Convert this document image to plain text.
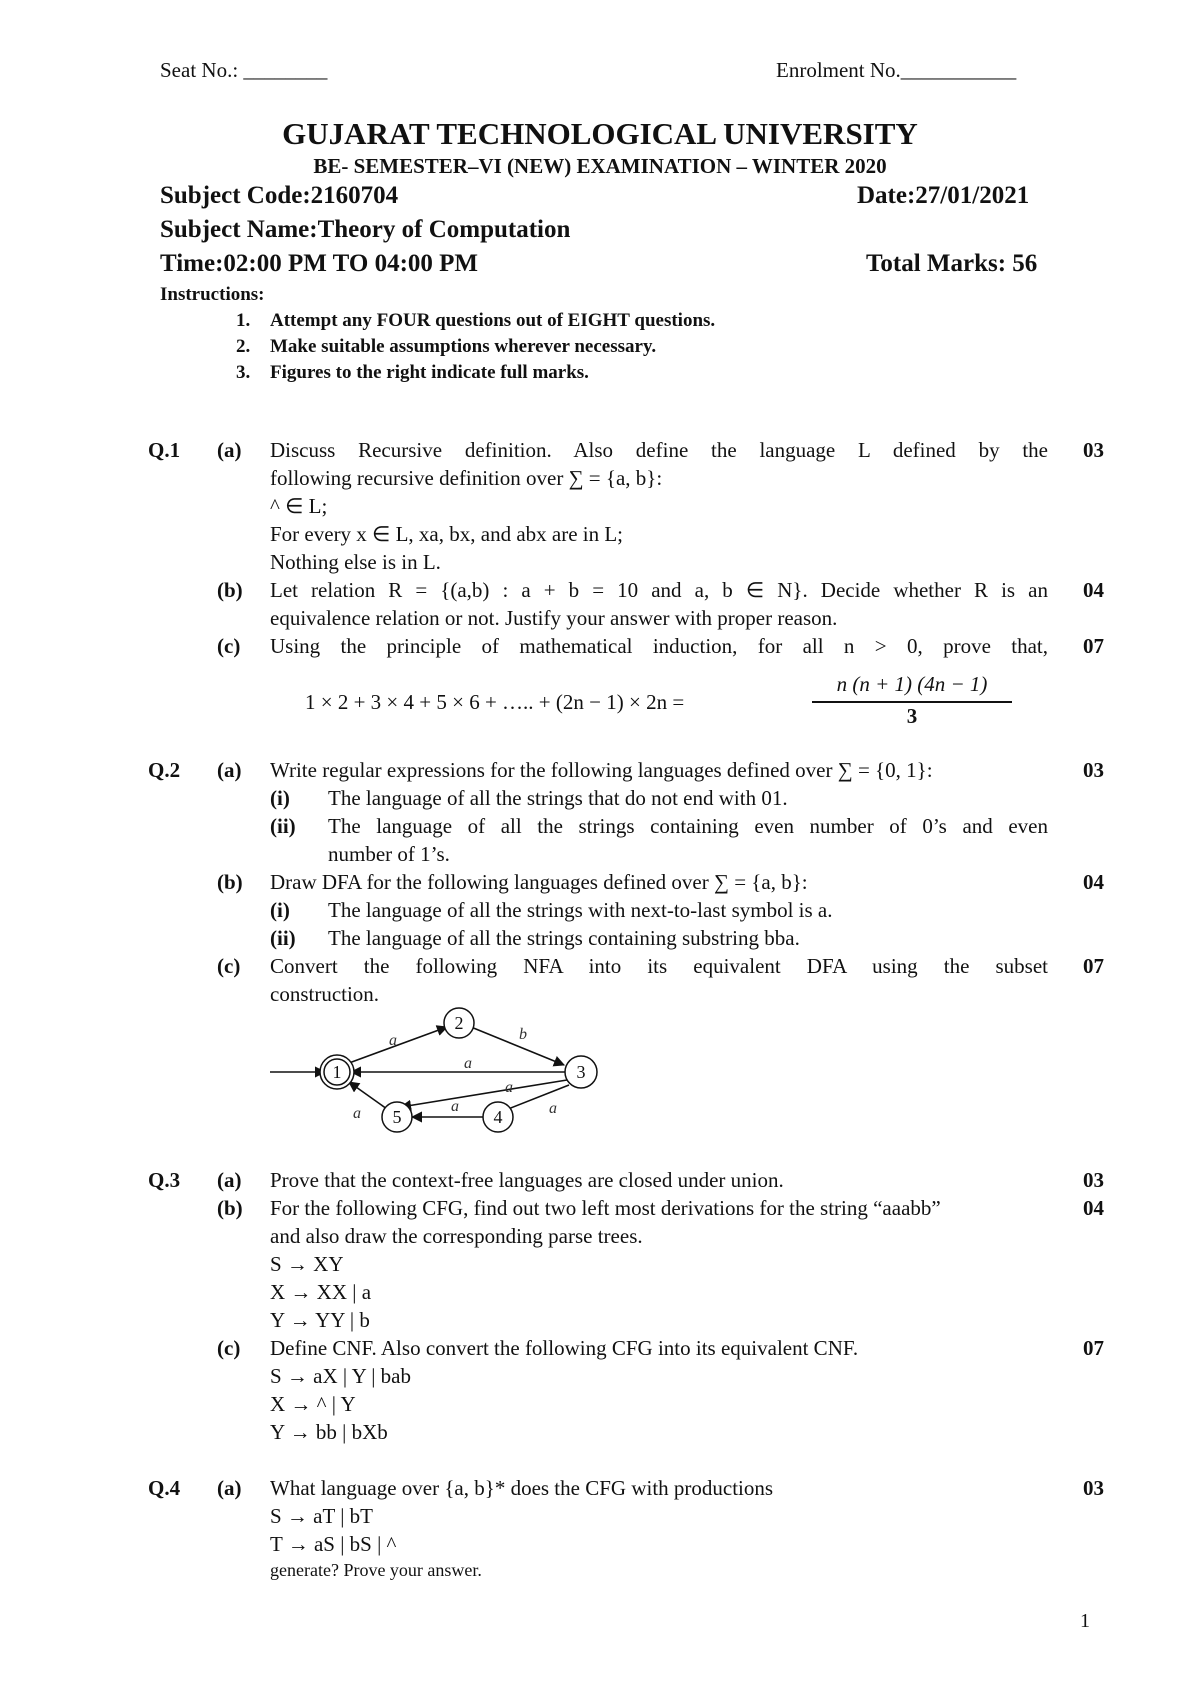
Seat No.: ________	Enrolment No.___________
GUJARAT TECHNOLOGICAL UNIVERSITY
BE- SEMESTER–VI (NEW) EXAMINATION – WINTER 2020
Subject Code:2160704	Date:27/01/2021
Subject Name:Theory of Computation
Time:02:00 PM TO 04:00 PM	Total Marks: 56
Instructions:
1. Attempt any FOUR questions out of EIGHT questions.
2. Make suitable assumptions wherever necessary.
3. Figures to the right indicate full marks.
Q.1 (a) Discuss Recursive definition. Also define the language L defined by the	03
following recursive definition over ∑ = {a, b}:
^ ∈ L;
For every x ∈ L, xa, bx, and abx are in L;
Nothing else is in L.
(b) Let relation R = {(a,b) : a + b = 10 and a, b ∈ N}. Decide whether R is an	04
equivalence relation or not. Justify your answer with proper reason.
(c) Using the principle of mathematical induction, for all n > 0, prove that,	07
1 × 2 + 3 × 4 + 5 × 6 + ….. + (2n − 1) × 2n =
n (n + 1) (4n − 1)
3
Q.2 (a) Write regular expressions for the following languages defined over ∑ = {0, 1}:	03
(i) The language of all the strings that do not end with 01.
(ii) The language of all the strings containing even number of 0’s and even
number of 1’s.
(b) Draw DFA for the following languages defined over ∑ = {a, b}:	04
(i) The language of all the strings with next-to-last symbol is a.
(ii) The language of all the strings containing substring bba.
(c) Convert the following NFA into its equivalent DFA using the subset	07
construction.
1
2
3
4
5
a	b
a
a
a
a
a
Q.3 (a) Prove that the context-free languages are closed under union.	03
(b) For the following CFG, find out two left most derivations for the string “aaabb”	04
and also draw the corresponding parse trees.
S → XY
X → XX | a
Y → YY | b
(c) Define CNF. Also convert the following CFG into its equivalent CNF.	07
S → aX | Y | bab
X → ^ | Y
Y → bb | bXb
Q.4 (a) What language over {a, b}* does the CFG with productions	03
S → aT | bT
T → aS | bS | ^
generate? Prove your answer.
1
